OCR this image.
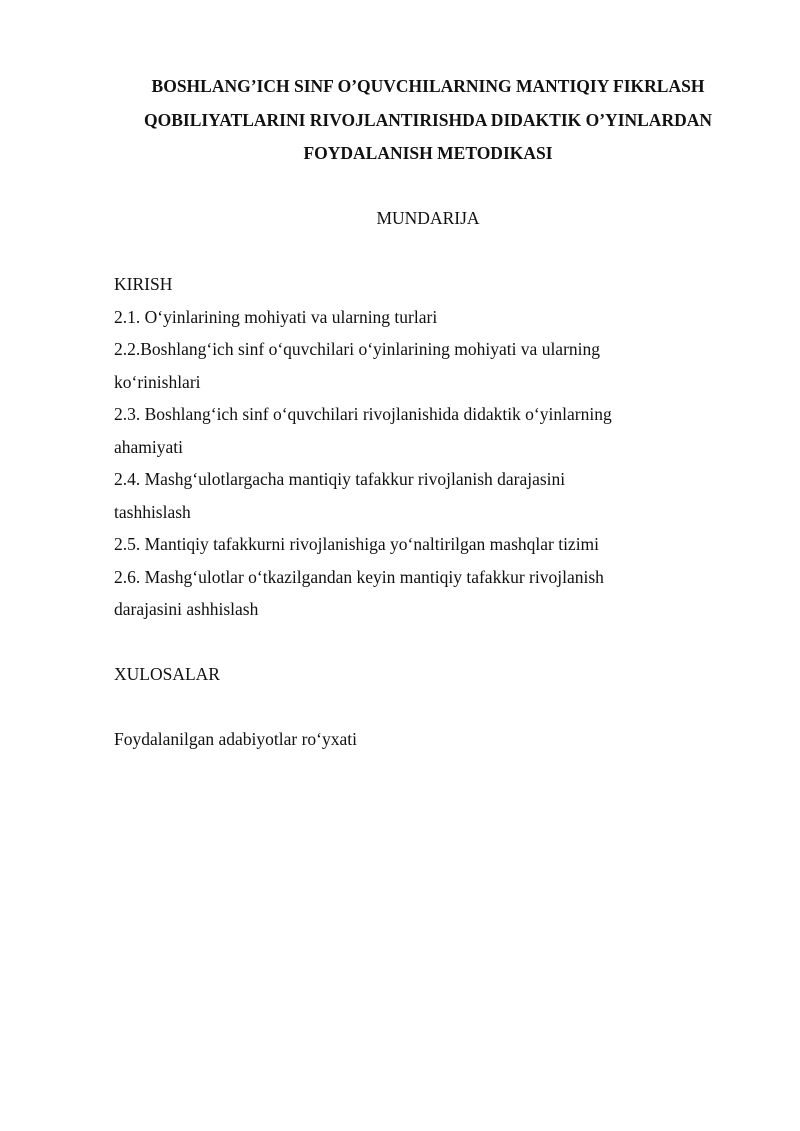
BOSHLANG’ICH SINF O’QUVCHILARNING MANTIQIY FIKRLASH
QOBILIYATLARINI RIVOJLANTIRISHDA DIDAKTIK O’YINLARDAN
FOYDALANISH METODIKASI
MUNDARIJA
KIRISH
2.1. O‘yinlarining mohiyati va ularning turlari
2.2.Boshlang‘ich sinf o‘quvchilari o‘yinlarining mohiyati va ularning
ko‘rinishlari
2.3. Boshlang‘ich sinf o‘quvchilari rivojlanishida didaktik o‘yinlarning
ahamiyati
2.4. Mashg‘ulotlargacha mantiqiy tafakkur rivojlanish darajasini
tashhislash
2.5. Mantiqiy tafakkurni rivojlanishiga yo‘naltirilgan mashqlar tizimi
2.6. Mashg‘ulotlar o‘tkazilgandan keyin mantiqiy tafakkur rivojlanish
darajasini ashhislash
XULOSALAR
Foydalanilgan adabiyotlar ro‘yxati
